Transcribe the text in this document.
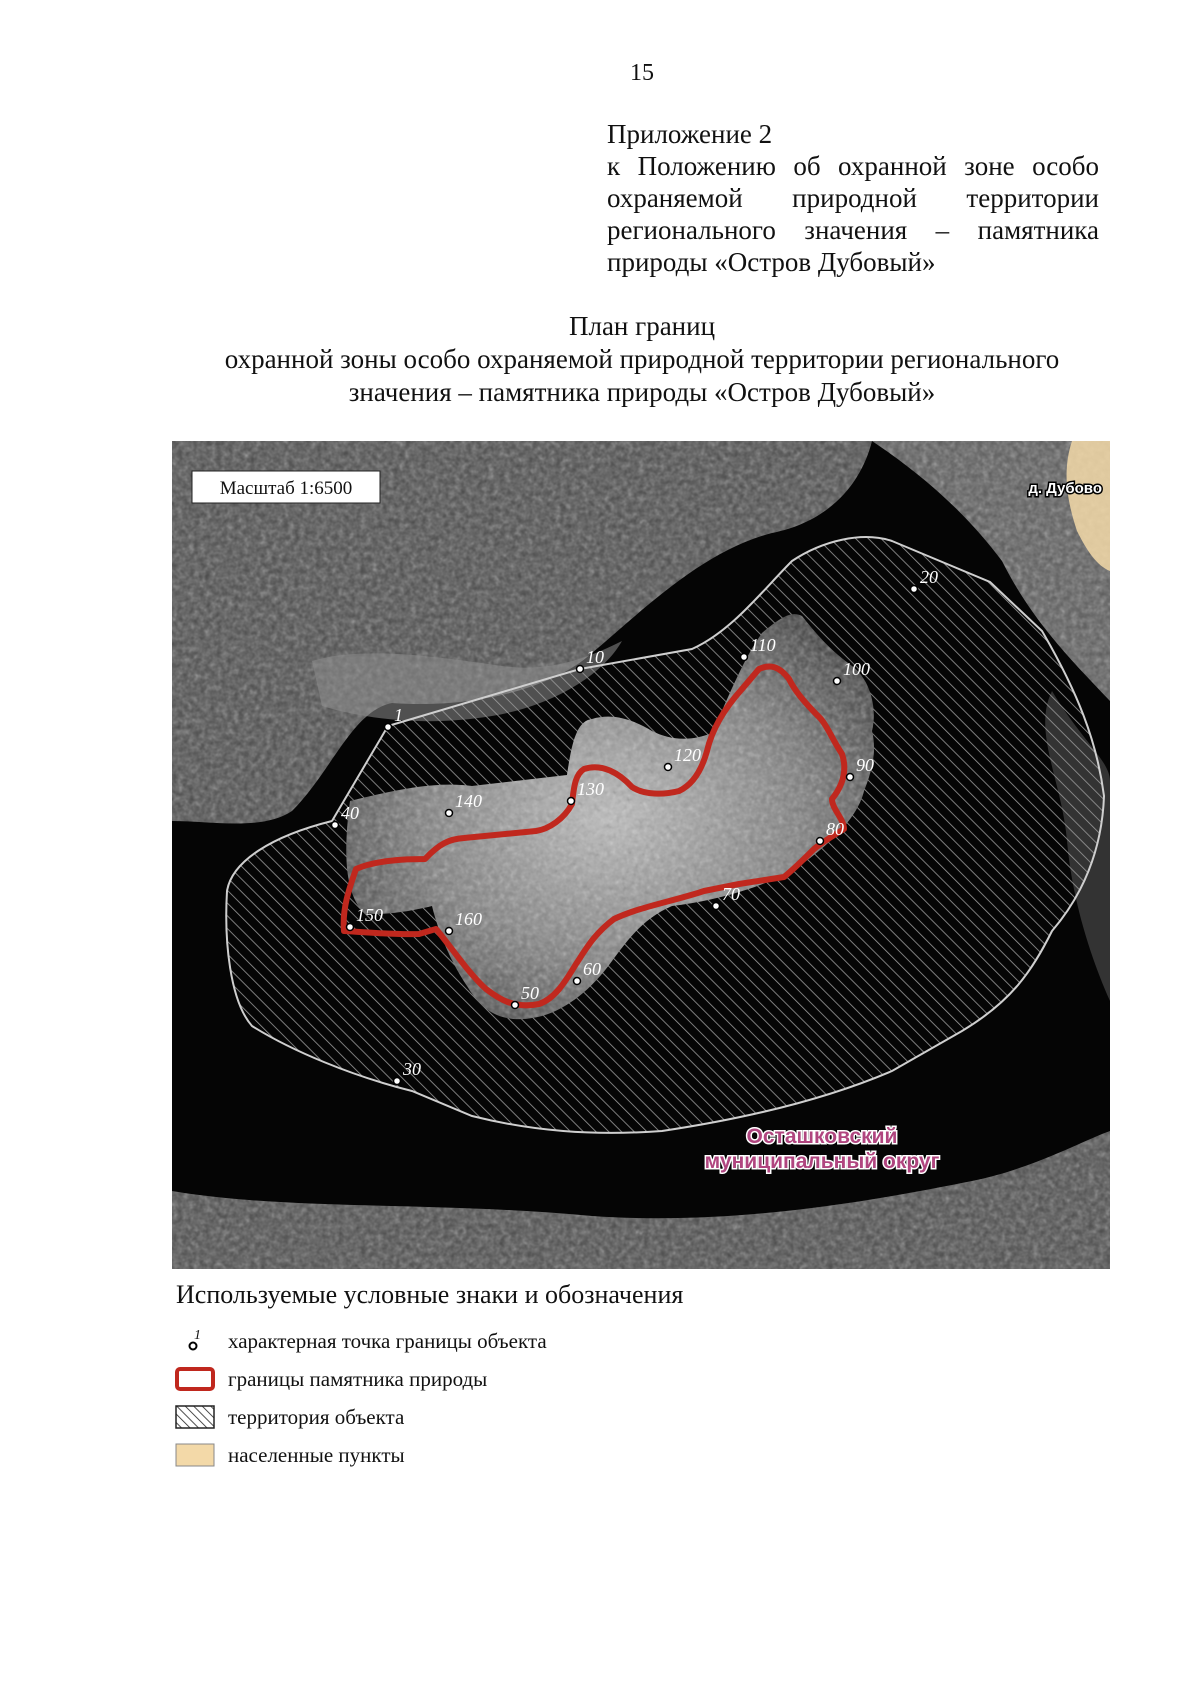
15
Приложение 2
к Положению об охранной зоне особо охраняемой природной территории регионального значения – памятника природы «Остров Дубовый»
План границ
охранной зоны особо охраняемой природной территории регионального
значения – памятника природы «Остров Дубовый»
1
10
20
30
40
50
60
70
80
90
100
110
120
130
140
150	160
Масштаб 1:6500	д. Дубово
Осташковский
муниципальный округ
Используемые условные знаки и обозначения
1 характерная точка границы объекта
границы памятника природы
территория объекта
населенные пункты
